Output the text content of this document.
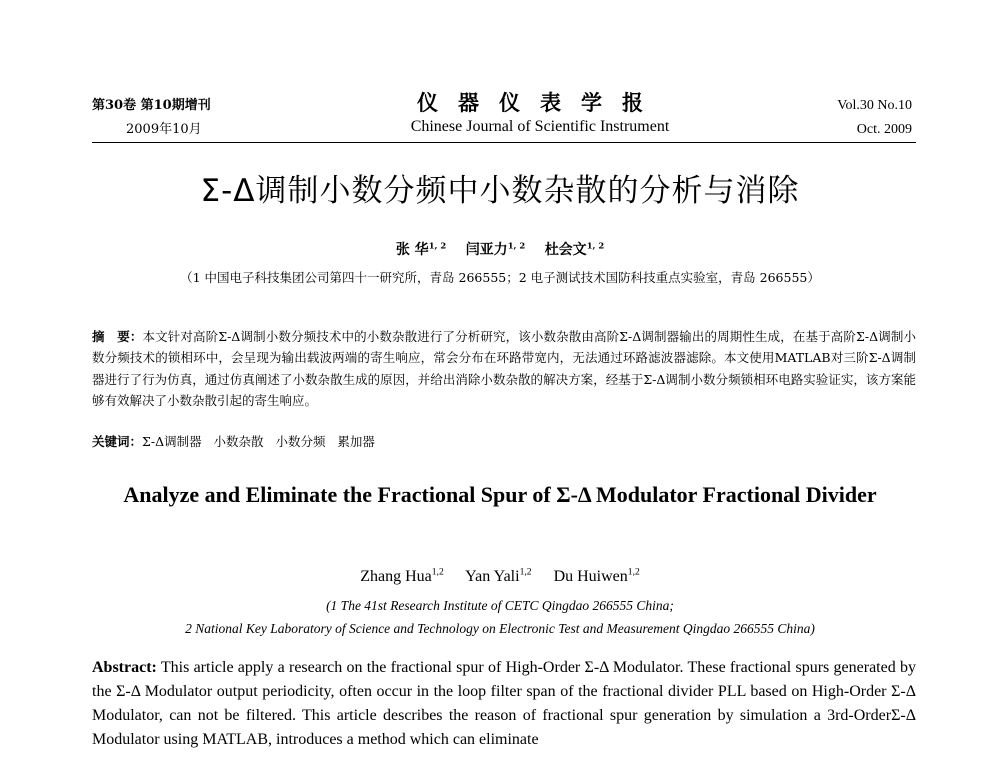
第30卷 第10期增刊
2009年10月
仪器仪表学报
Chinese Journal of Scientific Instrument
Vol.30 No.10
Oct. 2009
Σ-Δ调制小数分频中小数杂散的分析与消除
张 华$^{1, 2}$ 闫亚力$^{1, 2}$ 杜会文$^{1, 2}$
（1 中国电子科技集团公司第四十一研究所，青岛 266555；2 电子测试技术国防科技重点实验室，青岛 266555）
摘　要：本文针对高阶Σ-Δ调制小数分频技术中的小数杂散进行了分析研究，该小数杂散由高阶Σ-Δ调制器输出的周期性生成，在基于高阶Σ-Δ调制小数分频技术的锁相环中，会呈现为输出载波两端的寄生响应，常会分布在环路带宽内，无法通过环路滤波器滤除。本文使用MATLAB对三阶Σ-Δ调制器进行了行为仿真，通过仿真阐述了小数杂散生成的原因，并给出消除小数杂散的解决方案，经基于Σ-Δ调制小数分频锁相环电路实验证实，该方案能够有效解决了小数杂散引起的寄生响应。
关键词：Σ-Δ调制器 小数杂散 小数分频 累加器
Analyze and Eliminate the Fractional Spur of Σ-Δ Modulator Fractional Divider
Zhang Hua$^{1,2}$ Yan Yali$^{1,2}$ Du Huiwen$^{1,2}$
(1 The 41st Research Institute of CETC Qingdao 266555 China;
2 National Key Laboratory of Science and Technology on Electronic Test and Measurement Qingdao 266555 China)
Abstract: This article apply a research on the fractional spur of High-Order Σ-Δ Modulator. These fractional spurs generated by the Σ-Δ Modulator output periodicity, often occur in the loop filter span of the fractional divider PLL based on High-Order Σ-Δ Modulator, can not be filtered. This article describes the reason of fractional spur generation by simulation a 3rd-OrderΣ-Δ Modulator using MATLAB, introduces a method which can eliminate
